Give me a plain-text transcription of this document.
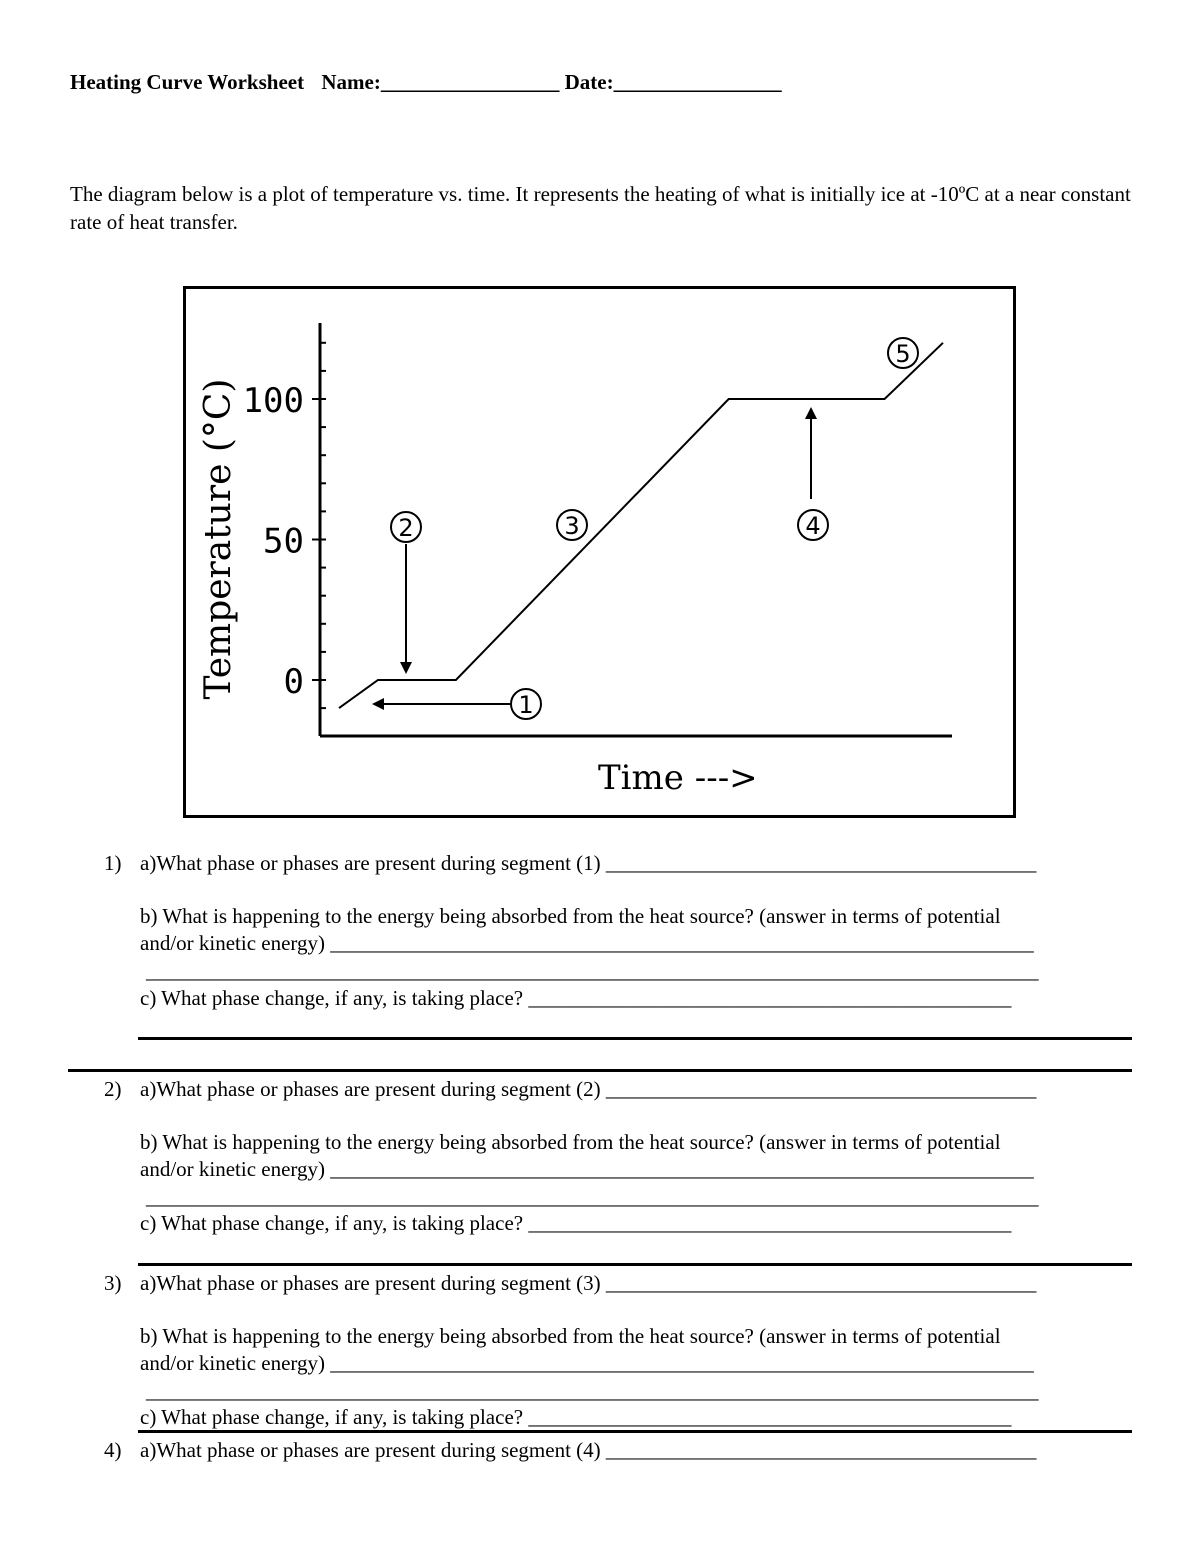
Heating Curve Worksheet Name:_________________ Date:________________
The diagram below is a plot of temperature vs. time. It represents the heating of what is initially ice at -10ºC at a near constant rate of heat transfer.
0
50
100
Temperature (°C)
Time --->
1
2	3	4
5
1) a)What phase or phases are present during segment (1) _________________________________________
b) What is happening to the energy being absorbed from the heat source? (answer in terms of potential
and/or kinetic energy) ___________________________________________________________________
_____________________________________________________________________________________
c) What phase change, if any, is taking place? ______________________________________________
2) a)What phase or phases are present during segment (2) _________________________________________
b) What is happening to the energy being absorbed from the heat source? (answer in terms of potential
and/or kinetic energy) ___________________________________________________________________
_____________________________________________________________________________________
c) What phase change, if any, is taking place? ______________________________________________
3) a)What phase or phases are present during segment (3) _________________________________________
b) What is happening to the energy being absorbed from the heat source? (answer in terms of potential
and/or kinetic energy) ___________________________________________________________________
_____________________________________________________________________________________
c) What phase change, if any, is taking place? ______________________________________________
4) a)What phase or phases are present during segment (4) _________________________________________
